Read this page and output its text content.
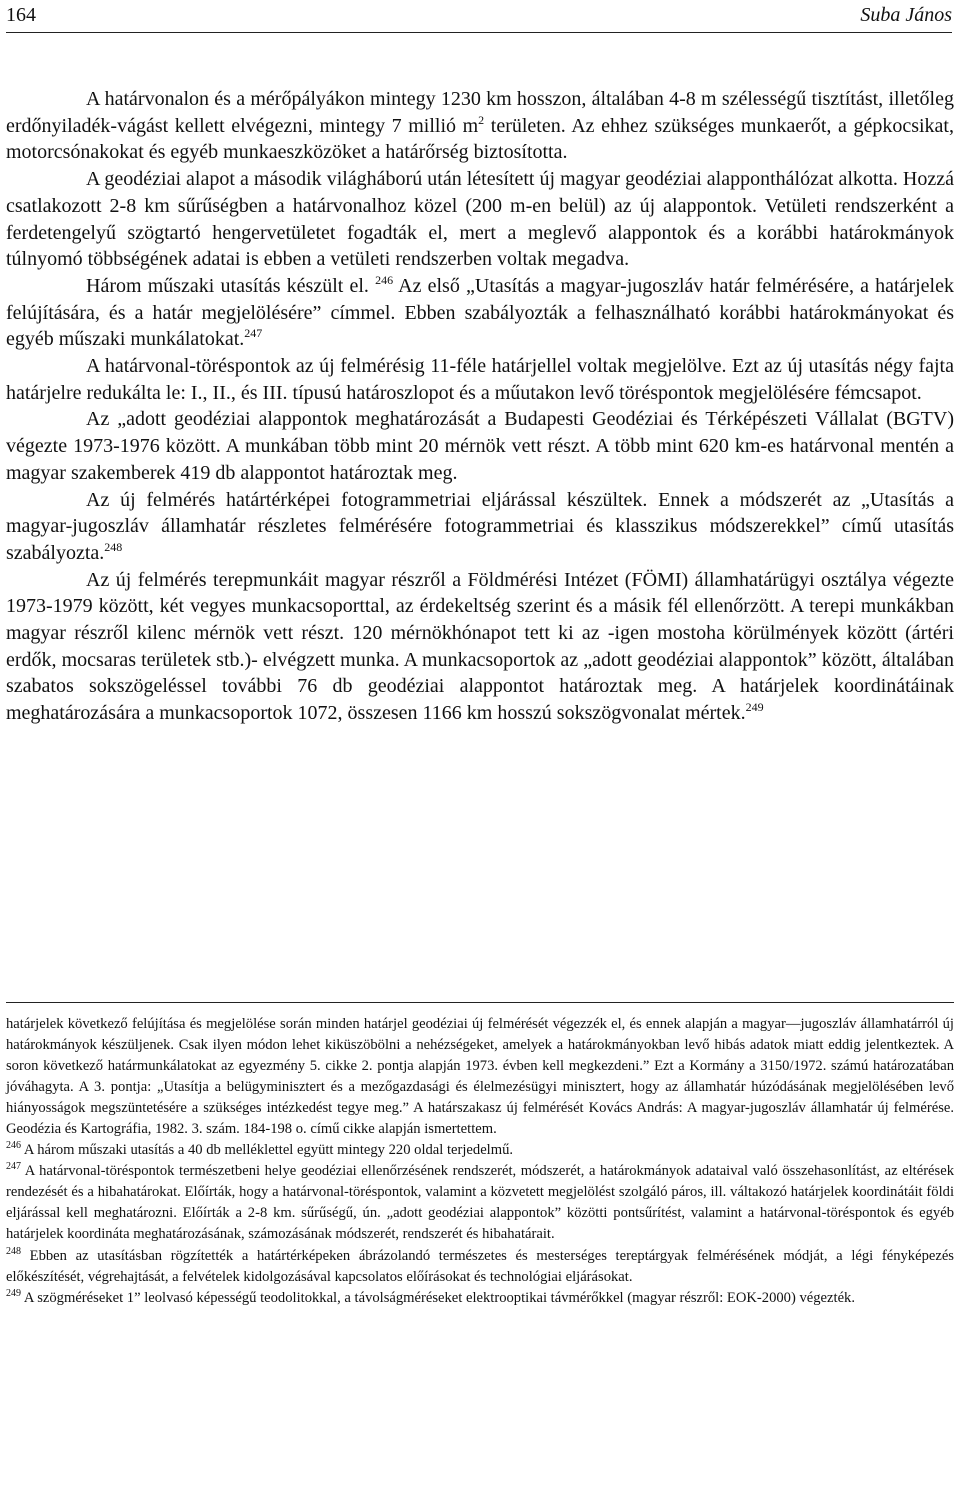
164	Suba János

A határvonalon és a mérőpályákon mintegy 1230 km hosszon, általában 4-8 m szélességű tisztítást, illetőleg erdőnyiladék-vágást kellett elvégezni, mintegy 7 millió $m^2$ területen. Az ehhez szükséges munkaerőt, a gépkocsikat, motorcsónakokat és egyéb munkaeszközöket a határőrség biztosította.

A geodéziai alapot a második világháború után létesített új magyar geodéziai alapponthálózat alkotta. Hozzá csatlakozott 2-8 km sűrűségben a határvonalhoz közel (200 m-en belül) az új alappontok. Vetületi rendszerként a ferdetengelyű szögtartó hengervetületet fogadták el, mert a meglevő alappontok és a korábbi határokmányok túlnyomó többségének adatai is ebben a vetületi rendszerben voltak megadva.

Három műszaki utasítás készült el. $^{246}$ Az első „Utasítás a magyar-jugoszláv határ felmérésére, a határjelek felújítására, és a határ megjelölésére” címmel. Ebben szabályozták a felhasználható korábbi határokmányokat és egyéb műszaki munkálatokat.$^{247}$

A határvonal-töréspontok az új felmérésig 11-féle határjellel voltak megjelölve. Ezt az új utasítás négy fajta határjelre redukálta le: I., II., és III. típusú határoszlopot és a műutakon levő töréspontok megjelölésére fémcsapot.

Az „adott geodéziai alappontok meghatározását a Budapesti Geodéziai és Térképészeti Vállalat (BGTV) végezte 1973-1976 között. A munkában több mint 20 mérnök vett részt. A több mint 620 km-es határvonal mentén a magyar szakemberek 419 db alappontot határoztak meg.

Az új felmérés határtérképei fotogrammetriai eljárással készültek. Ennek a módszerét az „Utasítás a magyar-jugoszláv államhatár részletes felmérésére fotogrammetriai és klasszikus módszerekkel” című utasítás szabályozta.$^{248}$

Az új felmérés terepmunkáit magyar részről a Földmérési Intézet (FÖMI) államhatárügyi osztálya végezte 1973-1979 között, két vegyes munkacsoporttal, az érdekeltség szerint és a másik fél ellenőrzött. A terepi munkákban magyar részről kilenc mérnök vett részt. 120 mérnökhónapot tett ki az -igen mostoha körülmények között (ártéri erdők, mocsaras területek stb.)- elvégzett munka. A munkacsoportok az „adott geodéziai alappontok” között, általában szabatos sokszögeléssel további 76 db geodéziai alappontot határoztak meg. A határjelek koordinátáinak meghatározására a munkacsoportok 1072, összesen 1166 km hosszú sokszögvonalat mértek.$^{249}$

határjelek következő felújítása és megjelölése során minden határjel geodéziai új felmérését végezzék el, és ennek alapján a magyar—jugoszláv államhatárról új határokmányok készüljenek. Csak ilyen módon lehet kiküszöbölni a nehézségeket, amelyek a határokmányokban levő hibás adatok miatt eddig jelentkeztek. A soron következő határmunkálatokat az egyezmény 5. cikke 2. pontja alapján 1973. évben kell megkezdeni.” Ezt a Kormány a 3150/1972. számú határozatában jóváhagyta. A 3. pontja: „Utasítja a belügyminisztert és a mezőgazdasági és élelmezésügyi minisztert, hogy az államhatár húzódásának megjelölésében levő hiányosságok megszüntetésére a szükséges intézkedést tegye meg.” A határszakasz új felmérését Kovács András: A magyar-jugoszláv államhatár új felmérése. Geodézia és Kartográfia, 1982. 3. szám. 184-198 o. című cikke alapján ismertettem.

$^{246}$ A három műszaki utasítás a 40 db melléklettel együtt mintegy 220 oldal terjedelmű.

$^{247}$ A határvonal-töréspontok természetbeni helye geodéziai ellenőrzésének rendszerét, módszerét, a határokmányok adataival való összehasonlítást, az eltérések rendezését és a hibahatárokat. Előírták, hogy a határvonal-töréspontok, valamint a közvetett megjelölést szolgáló páros, ill. váltakozó határjelek koordinátáit földi eljárással kell meghatározni. Előírták a 2-8 km. sűrűségű, ún. „adott geodéziai alappontok” közötti pontsűrítést, valamint a határvonal-töréspontok és egyéb határjelek koordináta meghatározásának, számozásának módszerét, rendszerét és hibahatárait.

$^{248}$ Ebben az utasításban rögzítették a határtérképeken ábrázolandó természetes és mesterséges tereptárgyak felmérésének módját, a légi fényképezés előkészítését, végrehajtását, a felvételek kidolgozásával kapcsolatos előírásokat és technológiai eljárásokat.

$^{249}$ A szögméréseket 1” leolvasó képességű teodolitokkal, a távolságméréseket elektrooptikai távmérőkkel (magyar részről: EOK-2000) végezték.
